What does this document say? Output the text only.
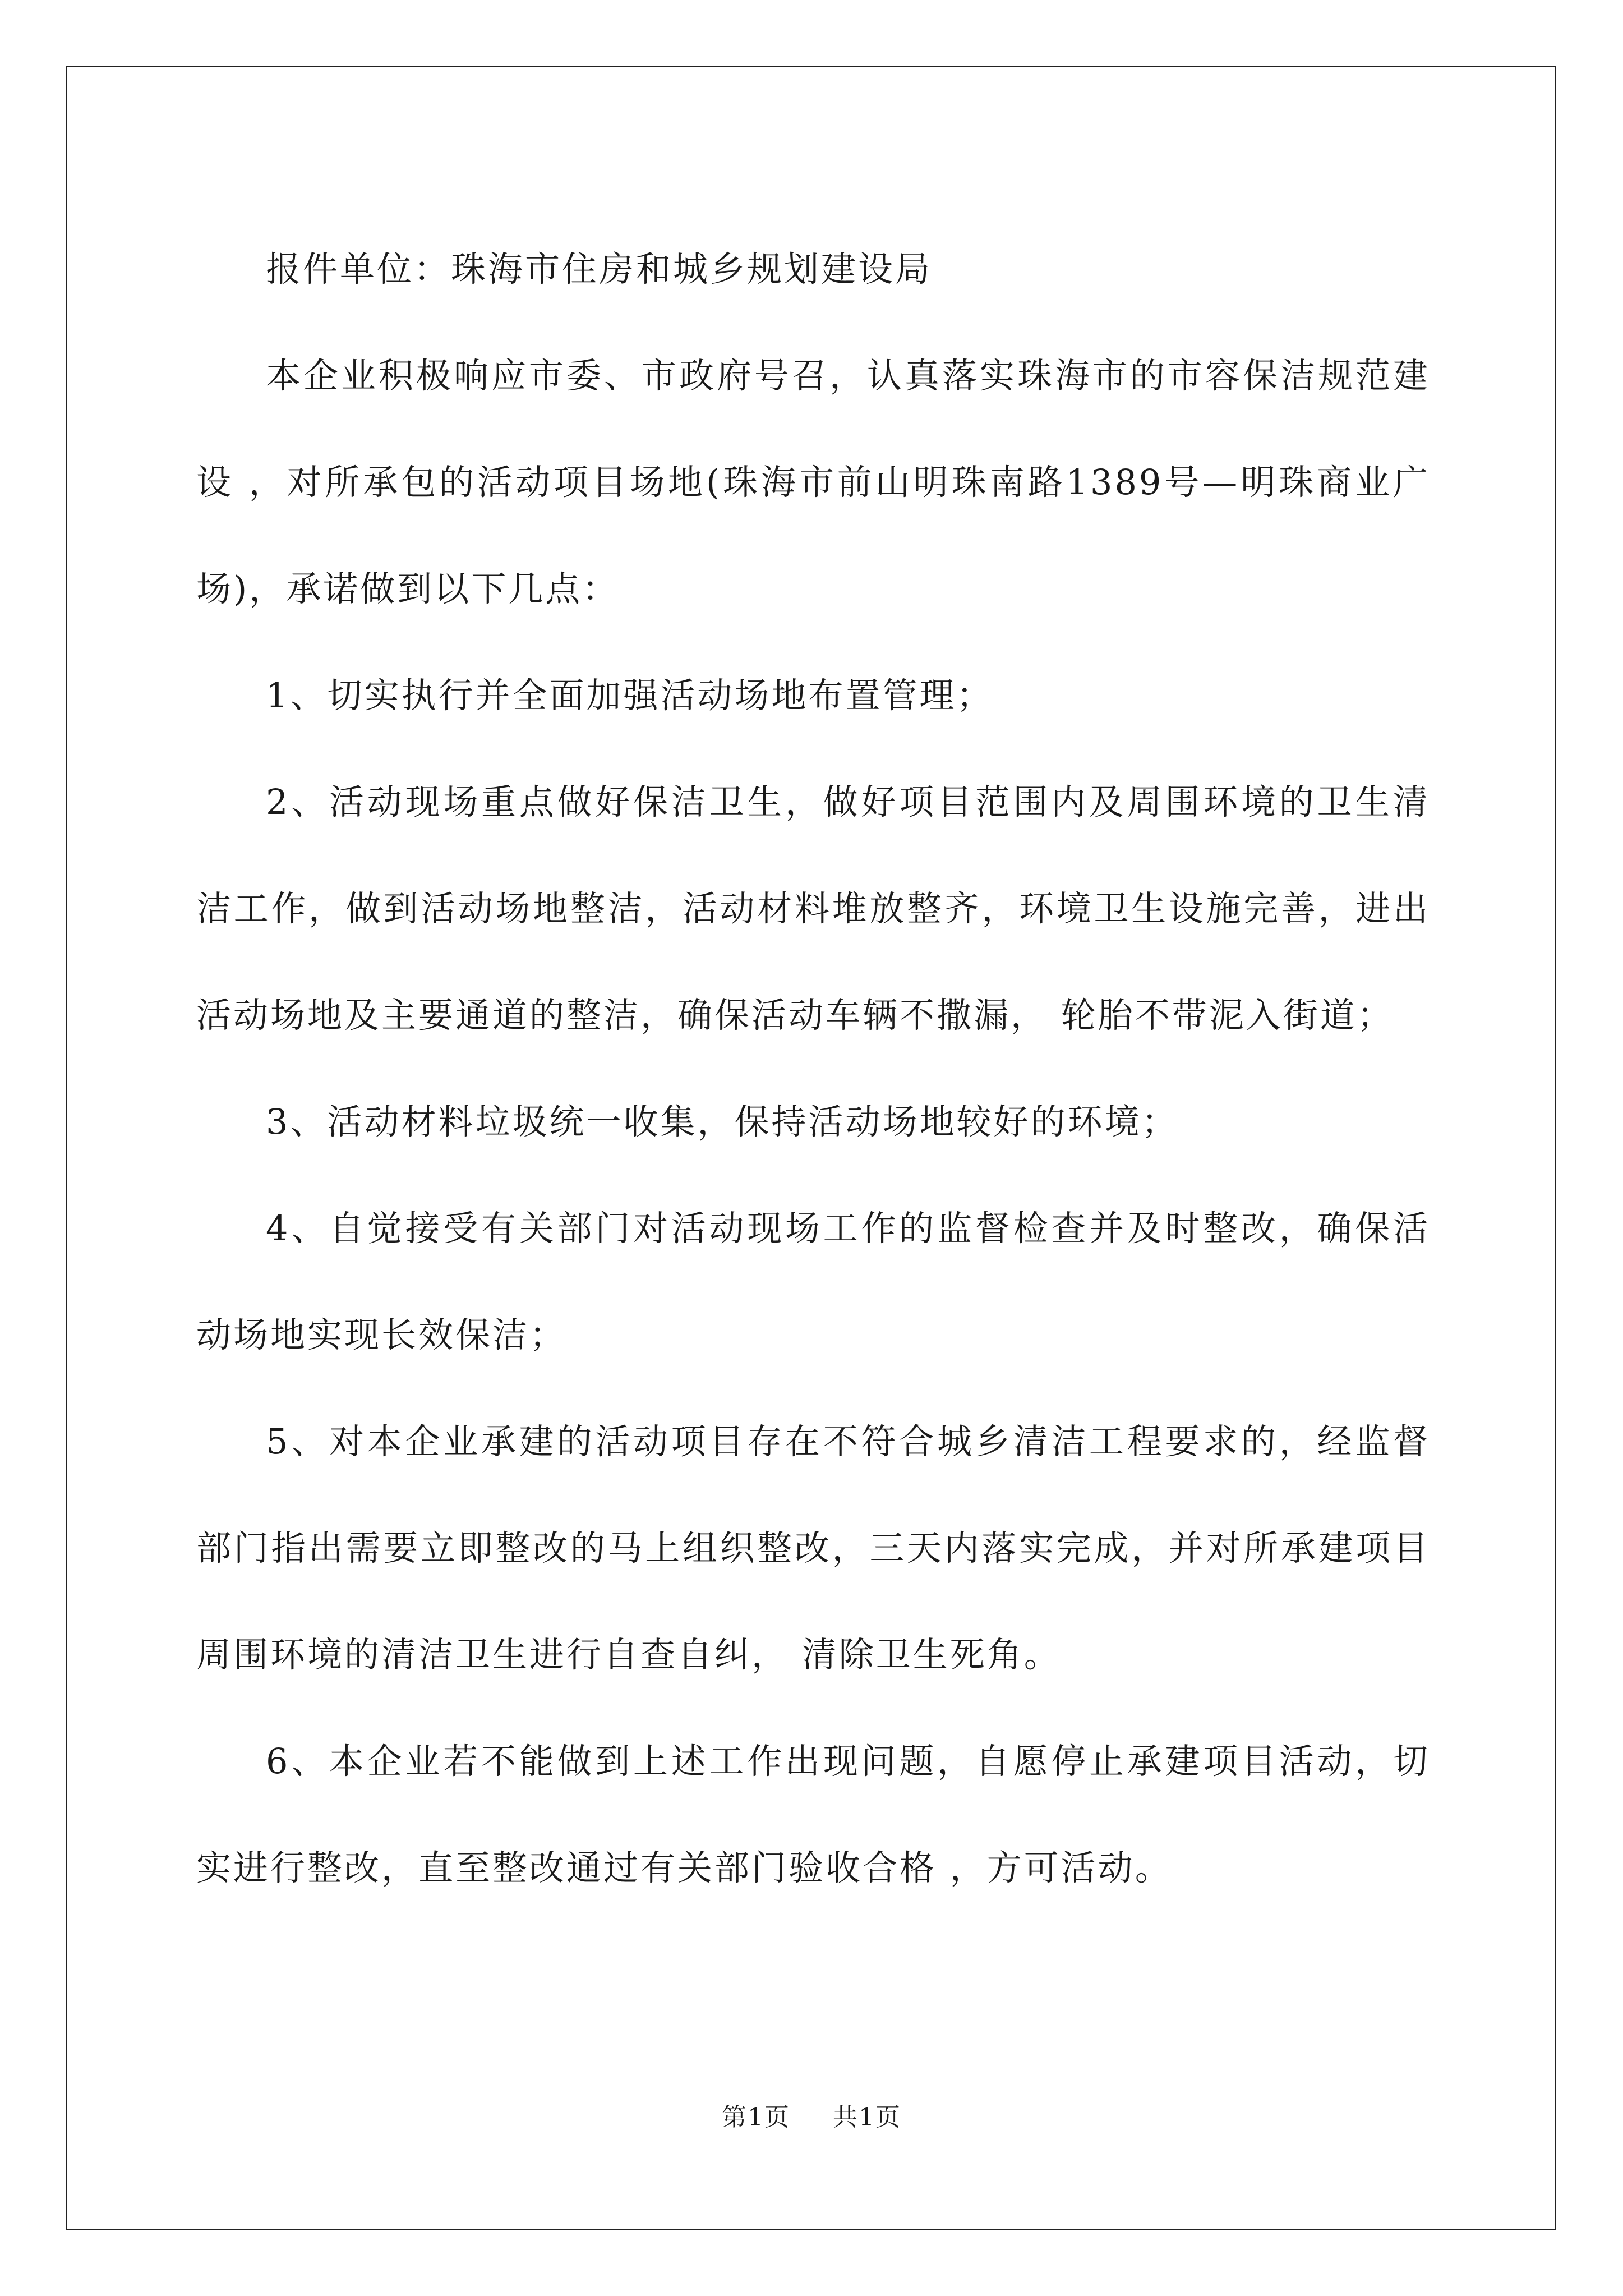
报件单位：珠海市住房和城乡规划建设局

本企业积极响应市委、市政府号召，认真落实珠海市的市容保洁规范建设 ，对所承包的活动项目场地(珠海市前山明珠南路1389号—明珠商业广场)，承诺做到以下几点：

1、切实执行并全面加强活动场地布置管理；

2、活动现场重点做好保洁卫生，做好项目范围内及周围环境的卫生清洁工作，做到活动场地整洁，活动材料堆放整齐，环境卫生设施完善，进出活动场地及主要通道的整洁，确保活动车辆不撒漏， 轮胎不带泥入街道；

3、活动材料垃圾统一收集，保持活动场地较好的环境；

4、自觉接受有关部门对活动现场工作的监督检查并及时整改，确保活动场地实现长效保洁；

5、对本企业承建的活动项目存在不符合城乡清洁工程要求的，经监督部门指出需要立即整改的马上组织整改，三天内落实完成，并对所承建项目周围环境的清洁卫生进行自查自纠， 清除卫生死角。

6、本企业若不能做到上述工作出现问题，自愿停止承建项目活动，切实进行整改，直至整改通过有关部门验收合格 ，方可活动。

第1页 共1页
